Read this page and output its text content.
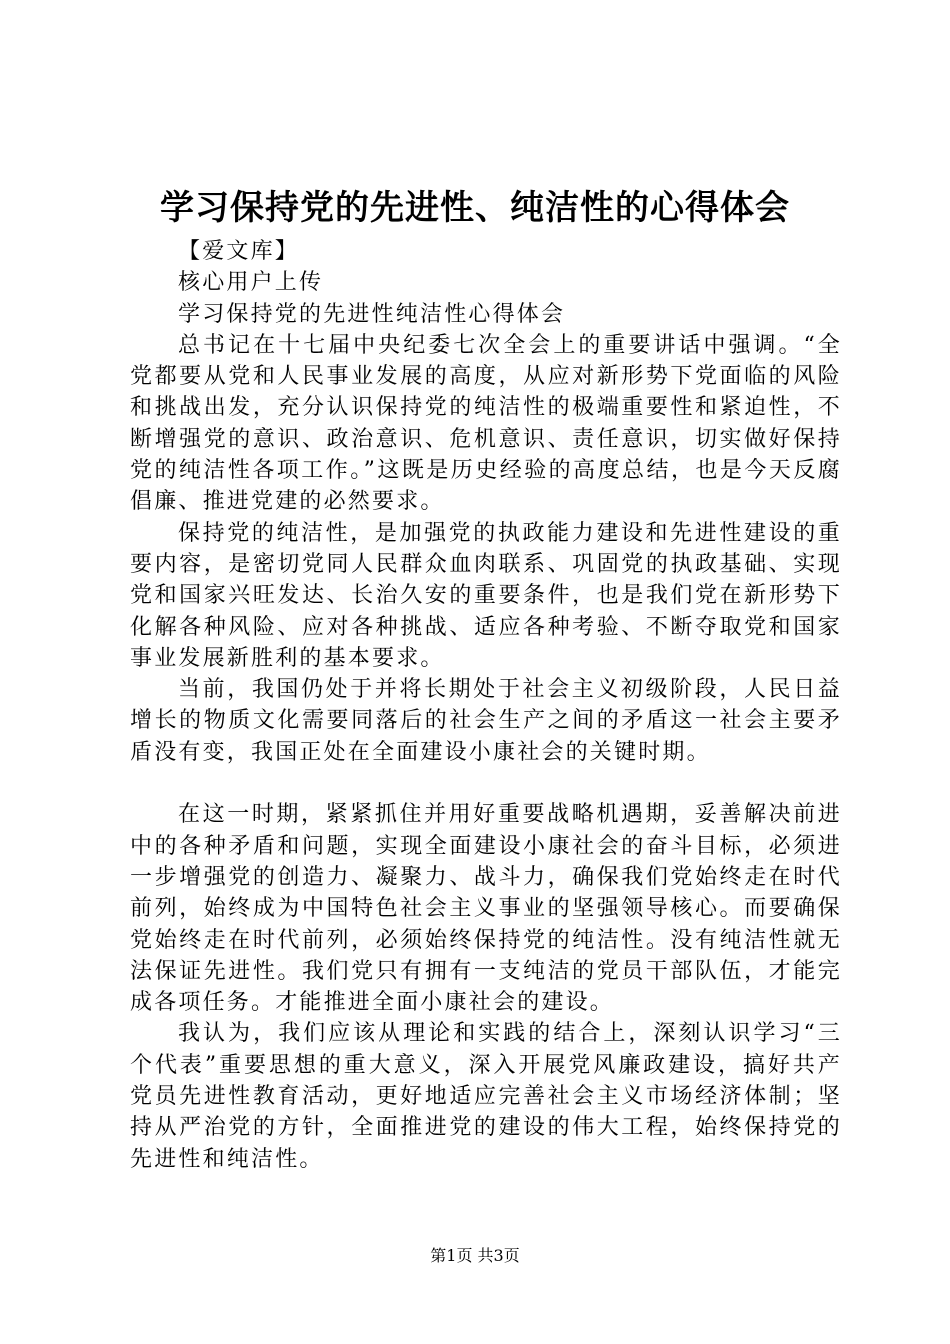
学习保持党的先进性、纯洁性的心得体会

【爱文库】

核心用户上传

学习保持党的先进性纯洁性心得体会

总书记在十七届中央纪委七次全会上的重要讲话中强调。“全党都要从党和人民事业发展的高度，从应对新形势下党面临的风险和挑战出发，充分认识保持党的纯洁性的极端重要性和紧迫性，不断增强党的意识、政治意识、危机意识、责任意识，切实做好保持党的纯洁性各项工作。”这既是历史经验的高度总结，也是今天反腐倡廉、推进党建的必然要求。

保持党的纯洁性，是加强党的执政能力建设和先进性建设的重要内容，是密切党同人民群众血肉联系、巩固党的执政基础、实现党和国家兴旺发达、长治久安的重要条件，也是我们党在新形势下化解各种风险、应对各种挑战、适应各种考验、不断夺取党和国家事业发展新胜利的基本要求。

当前，我国仍处于并将长期处于社会主义初级阶段，人民日益增长的物质文化需要同落后的社会生产之间的矛盾这一社会主要矛盾没有变，我国正处在全面建设小康社会的关键时期。

在这一时期，紧紧抓住并用好重要战略机遇期，妥善解决前进中的各种矛盾和问题，实现全面建设小康社会的奋斗目标，必须进一步增强党的创造力、凝聚力、战斗力，确保我们党始终走在时代前列，始终成为中国特色社会主义事业的坚强领导核心。而要确保党始终走在时代前列，必须始终保持党的纯洁性。没有纯洁性就无法保证先进性。我们党只有拥有一支纯洁的党员干部队伍，才能完成各项任务。才能推进全面小康社会的建设。

我认为，我们应该从理论和实践的结合上，深刻认识学习“三个代表”重要思想的重大意义，深入开展党风廉政建设，搞好共产党员先进性教育活动，更好地适应完善社会主义市场经济体制；坚持从严治党的方针，全面推进党的建设的伟大工程，始终保持党的先进性和纯洁性。

第1页 共3页
